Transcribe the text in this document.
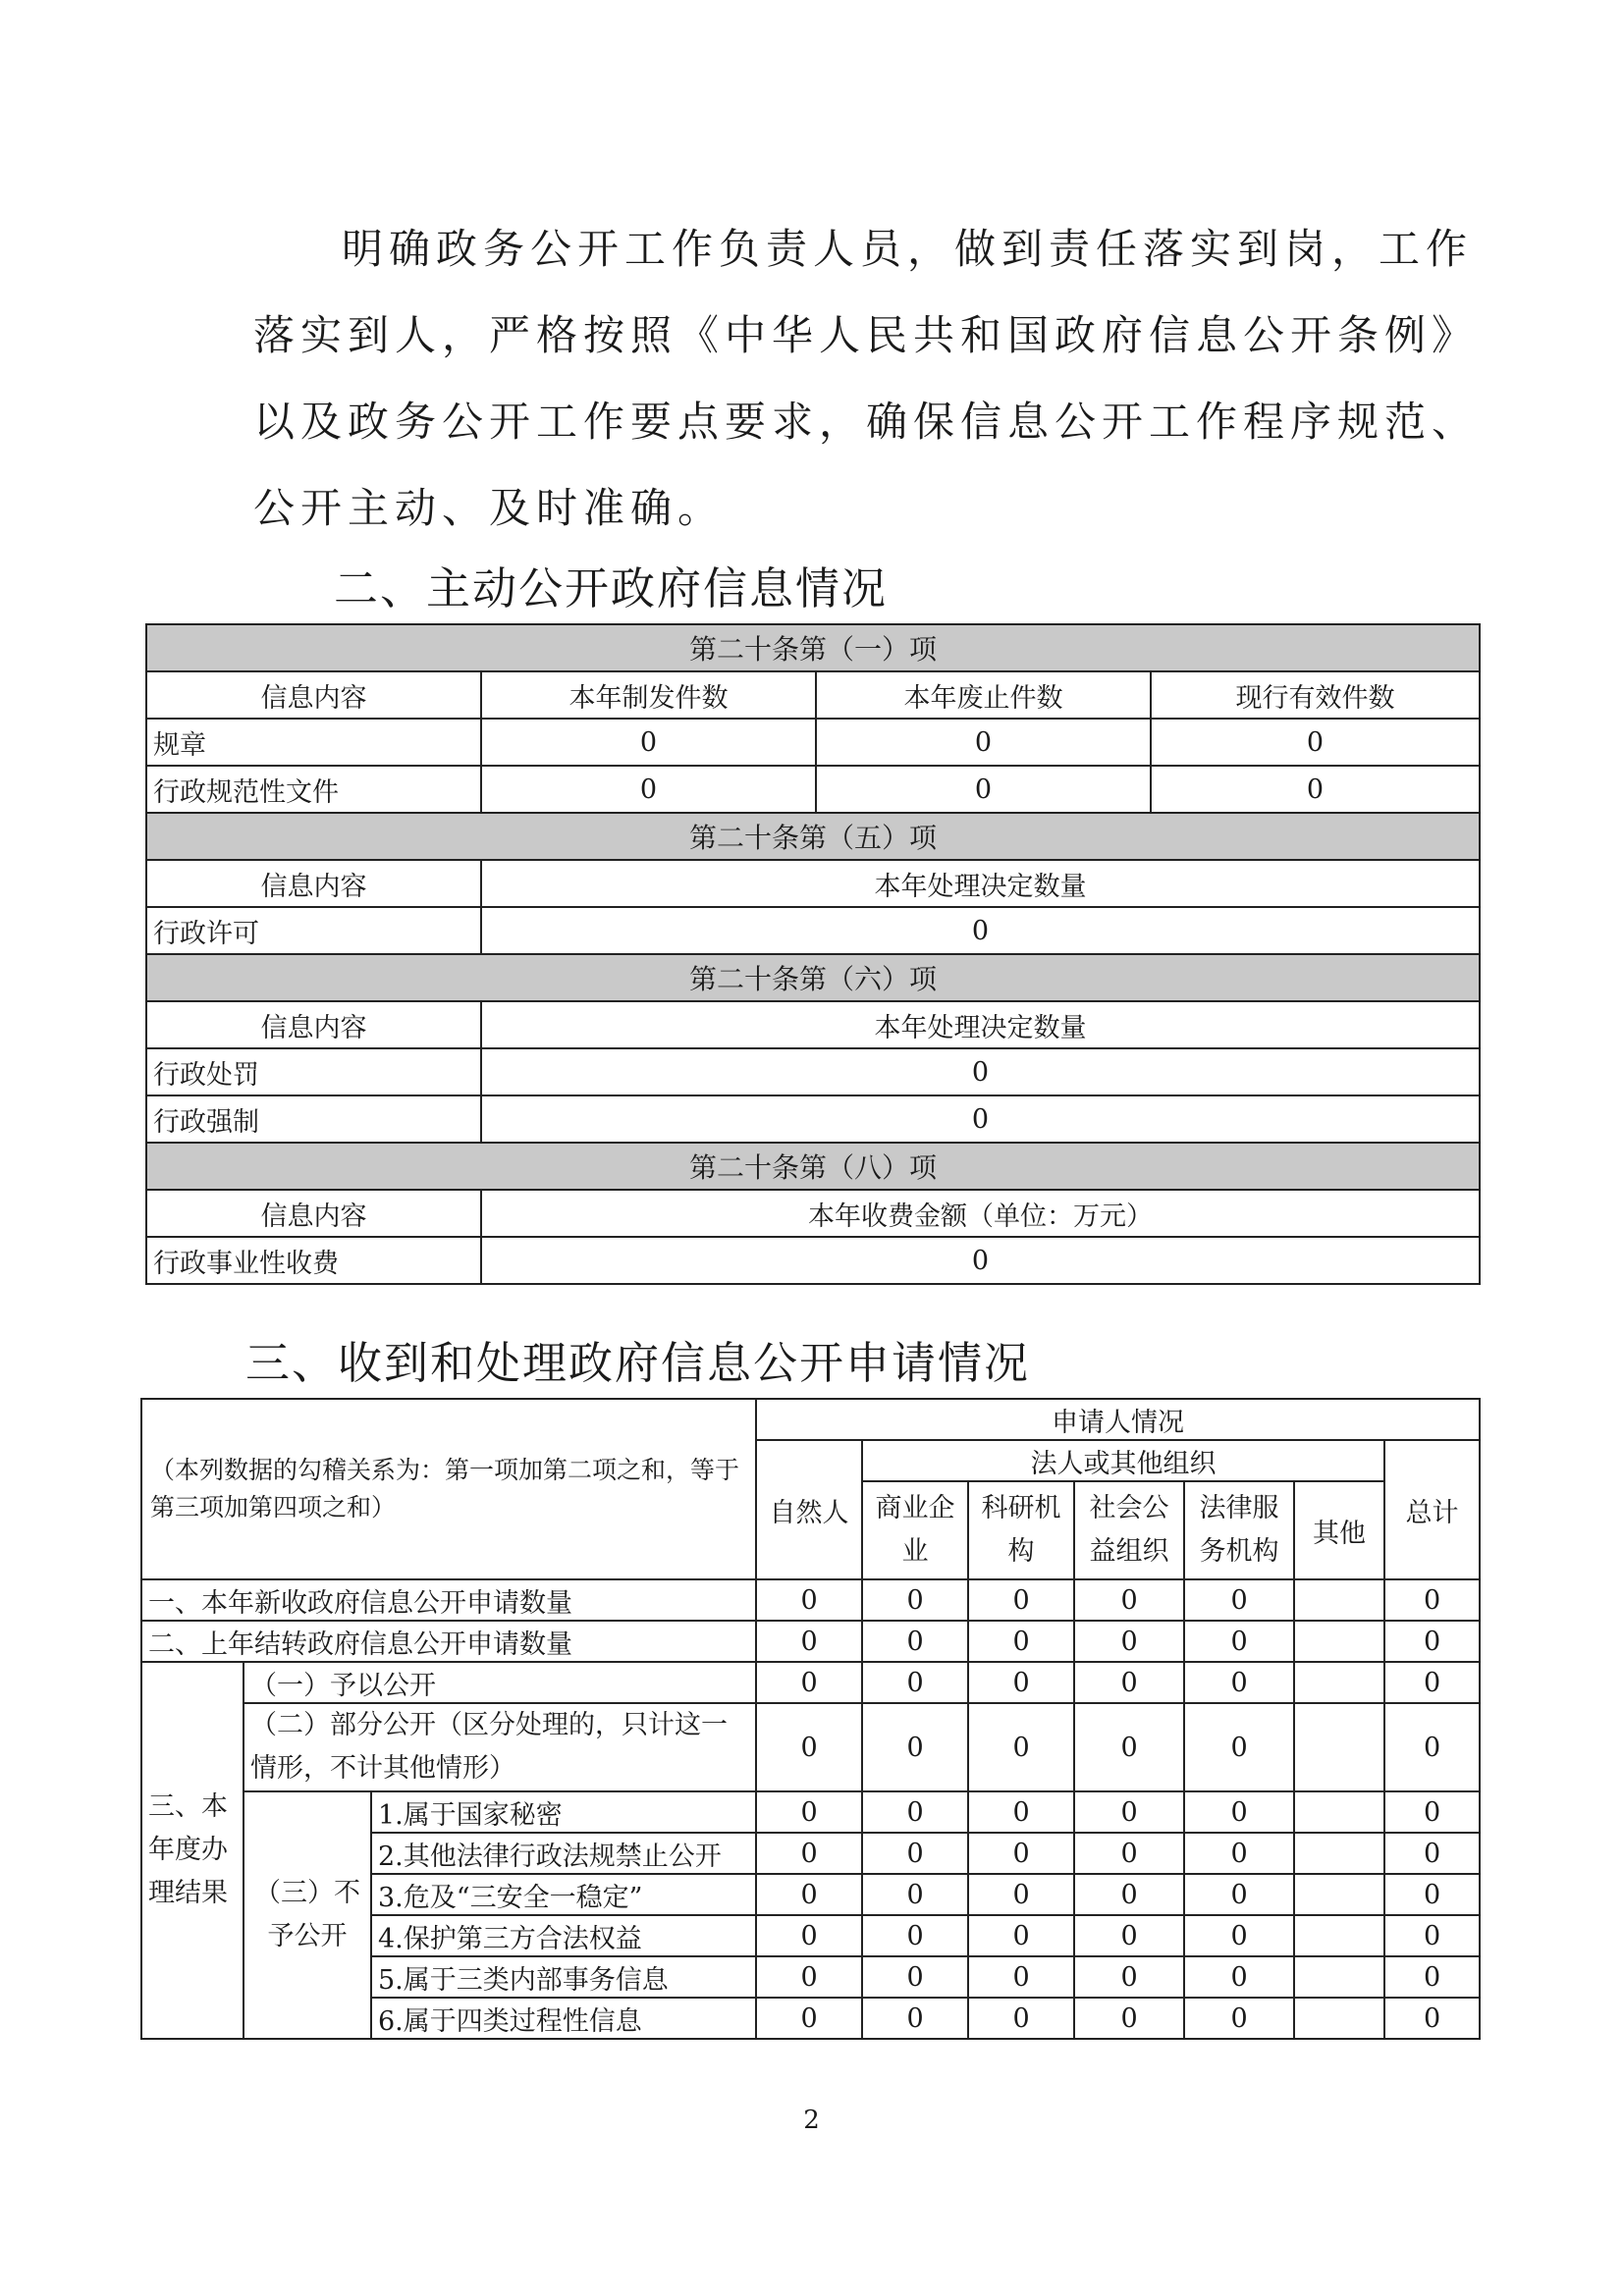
明确政务公开工作负责人员，做到责任落实到岗，工作
落实到人，严格按照《中华人民共和国政府信息公开条例》
以及政务公开工作要点要求，确保信息公开工作程序规范、
公开主动、及时准确。
二、主动公开政府信息情况
第二十条第（一）项			
信息内容	本年制发件数	本年废止件数	现行有效件数
规章	0	0	0
行政规范性文件	0	0	0
第二十条第（五）项			
信息内容	本年处理决定数量		
行政许可	0		
第二十条第（六）项			
信息内容	本年处理决定数量		
行政处罚	0		
行政强制	0		
第二十条第（八）项			
信息内容	本年收费金额（单位：万元）		
行政事业性收费	0		
三、收到和处理政府信息公开申请情况
（本列数据的勾稽关系为：第一项加第二项之和，等于第三项加第四项之和）			申请人情况						
			自然人	法人或其他组织					总计
				商业企业	科研机构	社会公益组织	法律服务机构	其他	
一、本年新收政府信息公开申请数量			0	0	0	0	0		0
二、上年结转政府信息公开申请数量			0	0	0	0	0		0
三、本年度办理结果	（一）予以公开		0	0	0	0	0		0
	（二）部分公开（区分处理的，只计这一情形，不计其他情形）		0	0	0	0	0		0
	（三）不予公开	1.属于国家秘密	0	0	0	0	0		0
		2.其他法律行政法规禁止公开	0	0	0	0	0		0
		3.危及“三安全一稳定”	0	0	0	0	0		0
		4.保护第三方合法权益	0	0	0	0	0		0
		5.属于三类内部事务信息	0	0	0	0	0		0
		6.属于四类过程性信息	0	0	0	0	0		0
2
